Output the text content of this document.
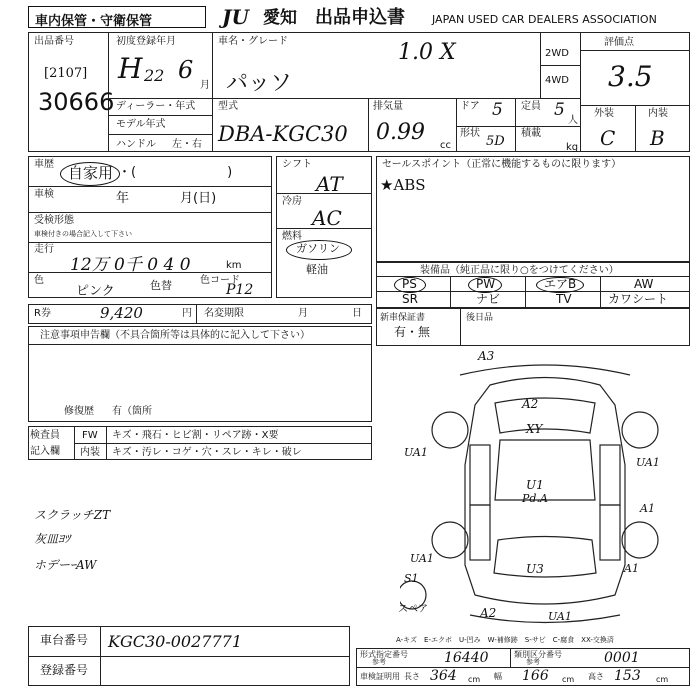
車内保管・守衛保管	JU 愛知 出品申込書 JAPAN USED CAR DEALERS ASSOCIATION
出品番号
[2107]
30666
初度登録年月
H 22 6
月
ディーラー・年式
モデル年式
ハンドル 左・右
車名・グレード	1.0 X
パッソ
2WD
4WD
評価点
3.5
外装	内装
C B
型式
DBA-KGC30
排気量
0.99
cc
ドア 5 定員 5
人
形状
5D
積載
kg
車歴 自家用 ・(　　　　　　　)
車検	年	月(日)
受検形態
車検付きの場合記入して下さい
走行
12万 0千 0 4 0	km
色
ピンク	色替	色コード
P12
シフト
AT
冷房
AC
燃料
ガソリン
軽油
セールスポイント（正常に機能するものに限ります）
★ABS
装備品（純正品に限り○をつけてください）
PS	PW	エアB	AW
SR	ナビ	TV	カワシート
R券	9,420	円 名変期限	月	日 新車保証書
有・無
後日品
注意事項申告欄（不具合箇所等は具体的に記入して下さい）
修復歴 有（箇所
検査員
記入欄
FW キズ・飛石・ヒビ割・リペア跡・X要
内装 キズ・汚レ・コゲ・穴・スレ・キレ・破レ
スクラッチZT
灰皿ﾖﾂ
ホデーｰAW
A3
A2
XY
UA1
UA1
U1
Pd.A
A1
UA1
S1
U3	A1
A2	UA1
スペア
A-キズ　E-エクボ　U-凹み　W-補修跡　S-サビ　C-腐食　XX-交換済
車台番号 KGC30-0027771
登録番号
形式指定番号
参考	16440	類別区分番号
参考	0001
車検証明用 長さ 364 cm 幅 166 cm 高さ 153 cm
